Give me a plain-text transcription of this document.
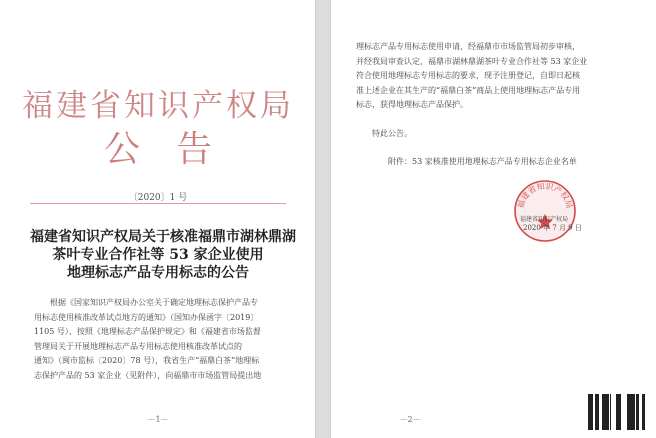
福建省知识产权局
公告
〔2020〕1 号
福建省知识产权局关于核准福鼎市湖林鼎湖
茶叶专业合作社等 53 家企业使用
地理标志产品专用标志的公告
根据《国家知识产权局办公室关于确定地理标志保护产品专
用标志使用核准改革试点地方的通知》（国知办保函字〔2019〕
1105 号）、按照《地理标志产品保护规定》和《福建省市场监督
管理局关于开展地理标志产品专用标志使用核准改革试点的
通知》（闽市监标〔2020〕78 号），我省生产“福鼎白茶”地理标
志保护产品的 53 家企业（见附件），向福鼎市市场监管局提出地
－1－
理标志产品专用标志使用申请，经福鼎市市场监管局初步审核，
并经我局审查认定，福鼎市湖林鼎湖茶叶专业合作社等 53 家企业
符合使用地理标志专用标志的要求，现予注册登记，自即日起核
准上述企业在其生产的“福鼎白茶”商品上使用地理标志产品专用
标志，获得地理标志产品保护。
特此公告。
附件：53 家核准使用地理标志产品专用标志企业名单
福建省知识产权局
福建省知识产权局
2020 年 7 月 9 日
－2－
